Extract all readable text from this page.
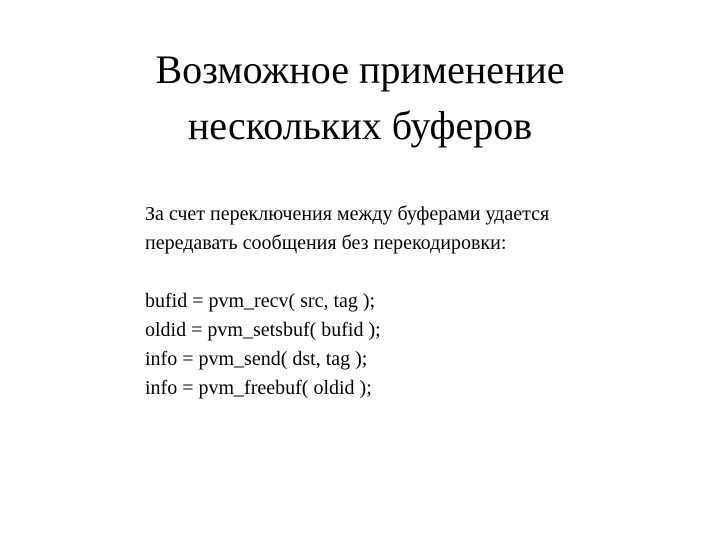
Возможное применение
нескольких буферов
За счет переключения между буферами удается
передавать сообщения без перекодировки:
bufid = pvm_recv( src, tag );
oldid = pvm_setsbuf( bufid );
info = pvm_send( dst, tag );
info = pvm_freebuf( oldid );
